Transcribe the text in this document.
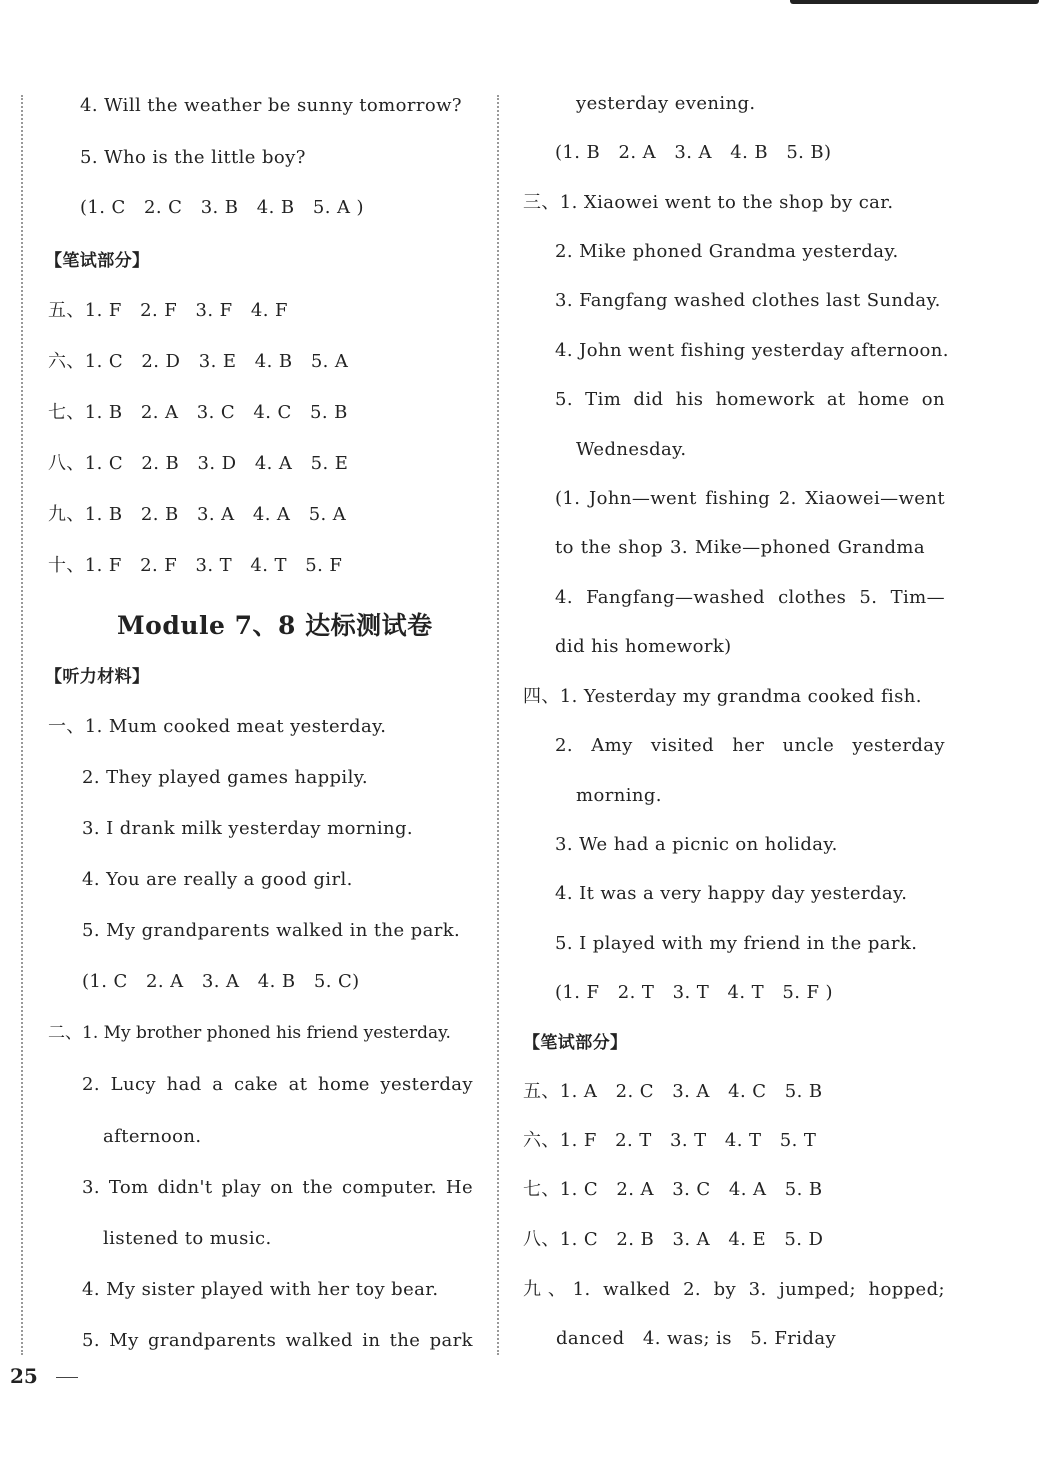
4. Will the weather be sunny tomorrow?
5. Who is the little boy?
(1. C   2. C   3. B   4. B   5. A )
【笔试部分】
五、1. F   2. F   3. F   4. F
六、1. C   2. D   3. E   4. B   5. A
七、1. B   2. A   3. C   4. C   5. B
八、1. C   2. B   3. D   4. A   5. E
九、1. B   2. B   3. A   4. A   5. A
十、1. F   2. F   3. T   4. T   5. F
Module 7、8 达标测试卷
【听力材料】
一、1. Mum cooked meat yesterday.
2. They played games happily.
3. I drank milk yesterday morning.
4. You are really a good girl.
5. My grandparents walked in the park.
(1. C   2. A   3. A   4. B   5. C)
二、1. My brother phoned his friend yesterday.
2. Lucy had a cake at home yesterday
afternoon.
3. Tom didn't play on the computer. He
listened to music.
4. My sister played with her toy bear.
5. My grandparents walked in the park
yesterday evening.
(1. B   2. A   3. A   4. B   5. B)
三、1. Xiaowei went to the shop by car.
2. Mike phoned Grandma yesterday.
3. Fangfang washed clothes last Sunday.
4. John went fishing yesterday afternoon.
5. Tim did his homework at home on
Wednesday.
(1. John—went fishing 2. Xiaowei—went
to the shop 3. Mike—phoned Grandma
4. Fangfang—washed clothes 5. Tim—
did his homework)
四、1. Yesterday my grandma cooked fish.
2. Amy visited her uncle yesterday
morning.
3. We had a picnic on holiday.
4. It was a very happy day yesterday.
5. I played with my friend in the park.
(1. F   2. T   3. T   4. T   5. F )
【笔试部分】
五、1. A   2. C   3. A   4. C   5. B
六、1. F   2. T   3. T   4. T   5. T
七、1. C   2. A   3. C   4. A   5. B
八、1. C   2. B   3. A   4. E   5. D
九、1. walked 2. by 3. jumped; hopped;
danced   4. was; is   5. Friday
25
